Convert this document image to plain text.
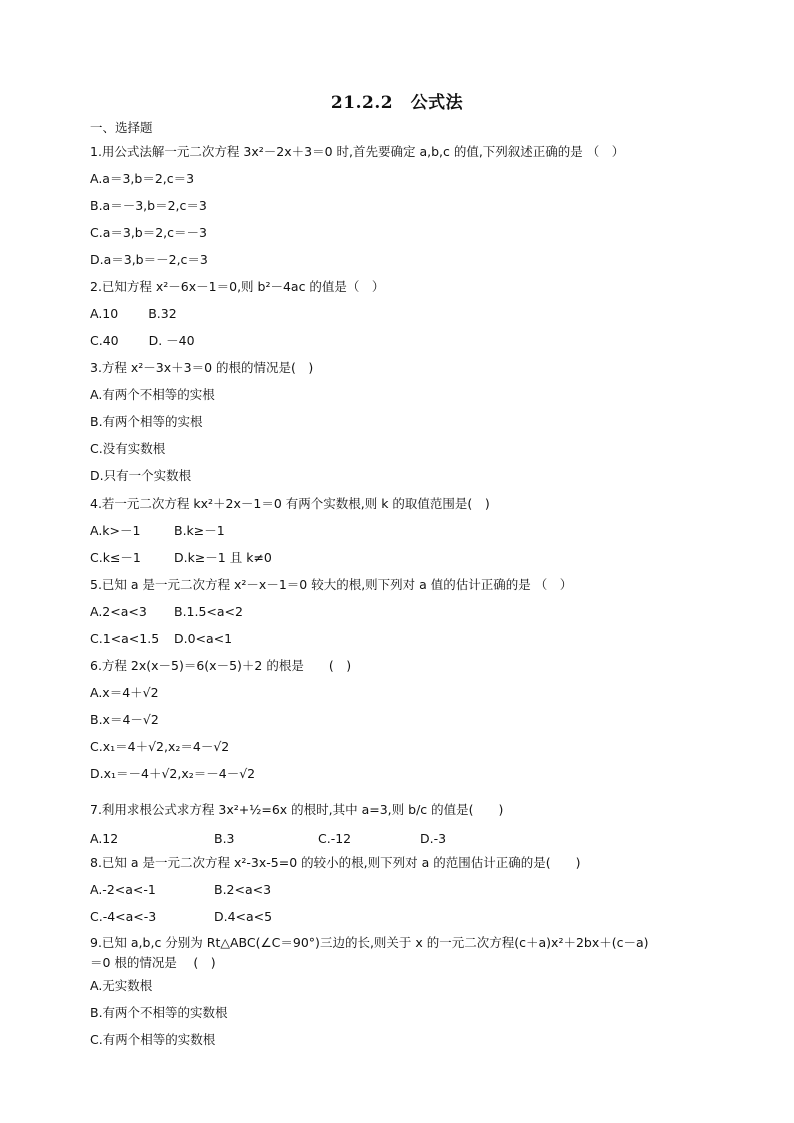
21.2.2　公式法
一、选择题
1.用公式法解一元二次方程 3x²－2x＋3＝0 时,首先要确定 a,b,c 的值,下列叙述正确的是 （　）
A.a＝3,b＝2,c＝3
B.a＝－3,b＝2,c＝3
C.a＝3,b＝2,c＝－3
D.a＝3,b＝－2,c＝3
2.已知方程 x²－6x－1＝0,则 b²－4ac 的值是（　）
A.10 B.32
C.40 D. －40
3.方程 x²－3x＋3＝0 的根的情况是(　)
A.有两个不相等的实根
B.有两个相等的实根
C.没有实数根
D.只有一个实数根
4.若一元二次方程 kx²＋2x－1＝0 有两个实数根,则 k 的取值范围是(　)
A.k>－1	B.k≥－1
C.k≤－1	D.k≥－1 且 k≠0
5.已知 a 是一元二次方程 x²－x－1＝0 较大的根,则下列对 a 值的估计正确的是 （　）
A.2<a<3 B.1.5<a<2
C.1<a<1.5 D.0<a<1
6.方程 2x(x－5)＝6(x－5)＋2 的根是　　(　)
A.x＝4＋√2
B.x＝4－√2
C.x₁＝4＋√2,x₂＝4－√2
D.x₁＝－4＋√2,x₂＝－4－√2
7.利用求根公式求方程 3x²+½=6x 的根时,其中 a=3,则 b/c 的值是(　　)
A.12	B.3	C.-12	D.-3
8.已知 a 是一元二次方程 x²-3x-5=0 的较小的根,则下列对 a 的范围估计正确的是(　　)
A.-2<a<-1	B.2<a<3
C.-4<a<-3	D.4<a<5
9.已知 a,b,c 分别为 Rt△ABC(∠C＝90°)三边的长,则关于 x 的一元二次方程(c＋a)x²＋2bx＋(c－a)
＝0 根的情况是　 (　)
A.无实数根
B.有两个不相等的实数根
C.有两个相等的实数根
